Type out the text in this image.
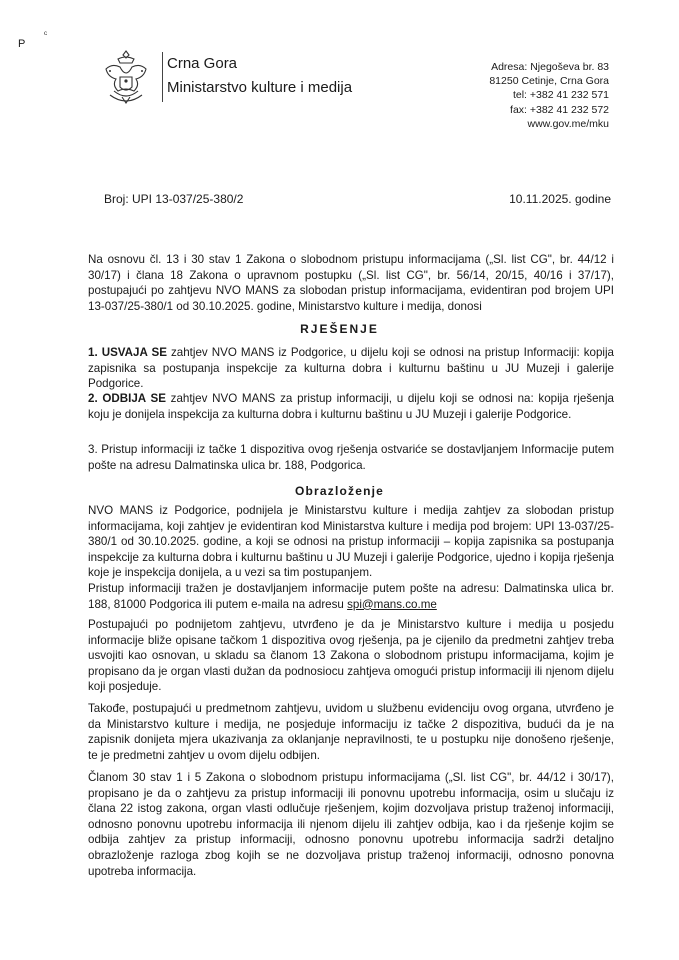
P
ᶜ
Crna Gora
Ministarstvo kulture i medija
Adresa: Njegoševa br. 83
81250 Cetinje, Crna Gora
tel: +382 41 232 571
fax: +382 41 232 572
www.gov.me/mku
Broj: UPI 13-037/25-380/2	10.11.2025. godine
Na osnovu čl. 13 i 30 stav 1 Zakona o slobodnom pristupu informacijama („Sl. list CG", br. 44/12 i 30/17) i člana 18 Zakona o upravnom postupku („Sl. list CG", br. 56/14, 20/15, 40/16 i 37/17), postupajući po zahtjevu NVO MANS za slobodan pristup informacijama, evidentiran pod brojem UPI 13-037/25-380/1 od 30.10.2025. godine, Ministarstvo kulture i medija, donosi
RJEŠENJE
1. USVAJA SE zahtjev NVO MANS iz Podgorice, u dijelu koji se odnosi na pristup Informaciji: kopija zapisnika sa postupanja inspekcije za kulturna dobra i kulturnu baštinu u JU Muzeji i galerije Podgorice.
2. ODBIJA SE zahtjev NVO MANS za pristup informaciji, u dijelu koji se odnosi na: kopija rješenja koju je donijela inspekcija za kulturna dobra i kulturnu baštinu u JU Muzeji i galerije Podgorice.
3. Pristup informaciji iz tačke 1 dispozitiva ovog rješenja ostvariće se dostavljanjem Informacije putem pošte na adresu Dalmatinska ulica br. 188, Podgorica.
Obrazloženje
NVO MANS iz Podgorice, podnijela je Ministarstvu kulture i medija zahtjev za slobodan pristup informacijama, koji zahtjev je evidentiran kod Ministarstva kulture i medija pod brojem: UPI 13-037/25-380/1 od 30.10.2025. godine, a koji se odnosi na pristup informaciji – kopija zapisnika sa postupanja inspekcije za kulturna dobra i kulturnu baštinu u JU Muzeji i galerije Podgorice, ujedno i kopija rješenja koje je inspekcija donijela, a u vezi sa tim postupanjem.
Pristup informaciji tražen je dostavljanjem informacije putem pošte na adresu: Dalmatinska ulica br. 188, 81000 Podgorica ili putem e-maila na adresu spi@mans.co.me
Postupajući po podnijetom zahtjevu, utvrđeno je da je Ministarstvo kulture i medija u posjedu informacije bliže opisane tačkom 1 dispozitiva ovog rješenja, pa je cijenilo da predmetni zahtjev treba usvojiti kao osnovan, u skladu sa članom 13 Zakona o slobodnom pristupu informacijama, kojim je propisano da je organ vlasti dužan da podnosiocu zahtjeva omogući pristup informaciji ili njenom dijelu koji posjeduje.
Takođe, postupajući u predmetnom zahtjevu, uvidom u službenu evidenciju ovog organa, utvrđeno je da Ministarstvo kulture i medija, ne posjeduje informaciju iz tačke 2 dispozitiva, budući da je na zapisnik donijeta mjera ukazivanja za oklanjanje nepravilnosti, te u postupku nije donošeno rješenje, te je predmetni zahtjev u ovom dijelu odbijen.
Članom 30 stav 1 i 5 Zakona o slobodnom pristupu informacijama („Sl. list CG", br. 44/12 i 30/17), propisano je da o zahtjevu za pristup informaciji ili ponovnu upotrebu informacija, osim u slučaju iz člana 22 istog zakona, organ vlasti odlučuje rješenjem, kojim dozvoljava pristup traženoj informaciji, odnosno ponovnu upotrebu informacija ili njenom dijelu ili zahtjev odbija, kao i da rješenje kojim se odbija zahtjev za pristup informaciji, odnosno ponovnu upotrebu informacija sadrži detaljno obrazloženje razloga zbog kojih se ne dozvoljava pristup traženoj informaciji, odnosno ponovna upotreba informacija.
